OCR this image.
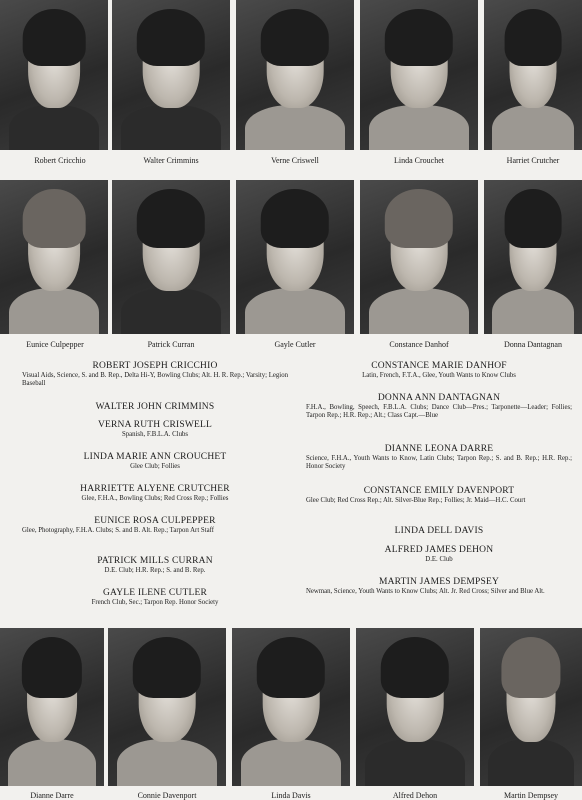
Robert Cricchio	Walter Crimmins	Verne Criswell	Linda Crouchet	Harriet Crutcher
Eunice Culpepper	Patrick Curran	Gayle Cutler	Constance Danhof	Donna Dantagnan
ROBERT JOSEPH CRICCHIO
Visual Aids, Science, S. and B. Rep., Delta Hi-Y, Bowling Clubs; Alt. H. R. Rep.; Varsity; Legion Baseball
WALTER JOHN CRIMMINS
VERNA RUTH CRISWELL
Spanish, F.B.L.A. Clubs
LINDA MARIE ANN CROUCHET
Glee Club; Follies
HARRIETTE ALYENE CRUTCHER
Glee, F.H.A., Bowling Clubs; Red Cross Rep.; Follies
EUNICE ROSA CULPEPPER
Glee, Photography, F.H.A. Clubs; S. and B. Alt. Rep.; Tarpon Art Staff
PATRICK MILLS CURRAN
D.E. Club; H.R. Rep.; S. and B. Rep.
GAYLE ILENE CUTLER
French Club, Sec.; Tarpon Rep. Honor Society
CONSTANCE MARIE DANHOF
Latin, French, F.T.A., Glee, Youth Wants to Know Clubs
DONNA ANN DANTAGNAN
F.H.A., Bowling, Speech, F.B.L.A. Clubs; Dance Club—Pres.; Tarponette—Leader; Follies; Tarpon Rep.; H.R. Rep.; Alt.; Class Capt.—Blue
DIANNE LEONA DARRE
Science, F.H.A., Youth Wants to Know, Latin Clubs; Tarpon Rep.; S. and B. Rep.; H.R. Rep.; Honor Society
CONSTANCE EMILY DAVENPORT
Glee Club; Red Cross Rep.; Alt. Silver-Blue Rep.; Follies; Jr. Maid—H.C. Court
LINDA DELL DAVIS
ALFRED JAMES DEHON
D.E. Club
MARTIN JAMES DEMPSEY
Newman, Science, Youth Wants to Know Clubs; Alt. Jr. Red Cross; Silver and Blue Alt.
Dianne Darre	Connie Davenport	Linda Davis	Alfred Dehon	Martin Dempsey
